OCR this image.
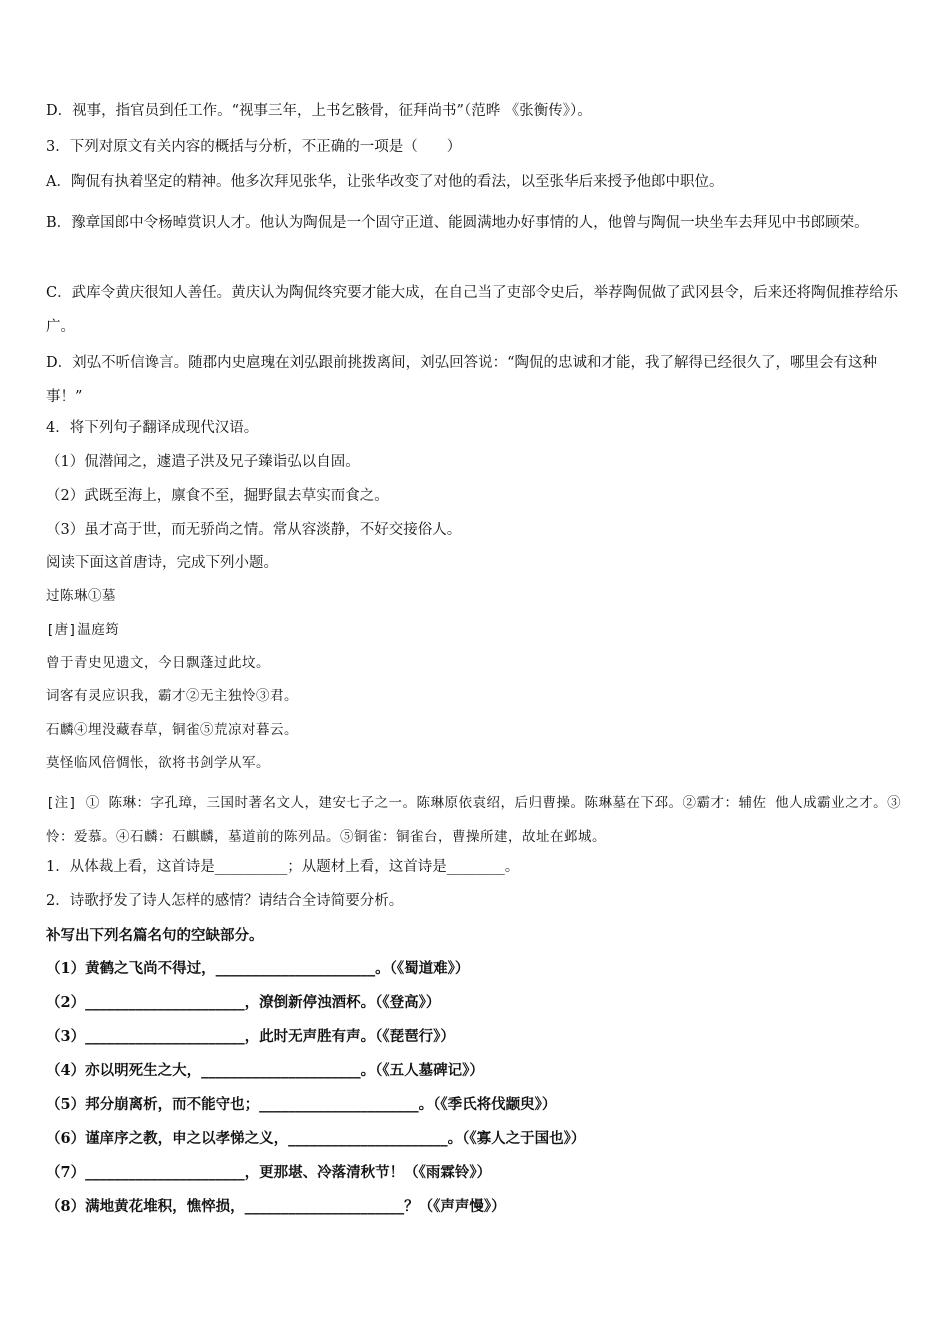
D．视事，指官员到任工作。“视事三年，上书乞骸骨，征拜尚书”（范晔 《张衡传》）。
3．下列对原文有关内容的概括与分析，不正确的一项是（　　）
A．陶侃有执着坚定的精神。他多次拜见张华，让张华改变了对他的看法，以至张华后来授予他郎中职位。
B．豫章国郎中令杨晫赏识人才。他认为陶侃是一个固守正道、能圆满地办好事情的人，他曾与陶侃一块坐车去拜见中书郎顾荣。
C．武库令黄庆很知人善任。黄庆认为陶侃终究要才能大成，在自己当了吏部令史后，举荐陶侃做了武冈县令，后来还将陶侃推荐给乐广。
D．刘弘不听信谗言。随郡内史扈瑰在刘弘跟前挑拨离间，刘弘回答说：“陶侃的忠诚和才能，我了解得已经很久了，哪里会有这种事！”
4．将下列句子翻译成现代汉语。
（1）侃潜闻之，遽遣子洪及兄子臻诣弘以自固。
（2）武既至海上，廪食不至，掘野鼠去草实而食之。
（3）虽才高于世，而无骄尚之情。常从容淡静，不好交接俗人。
阅读下面这首唐诗，完成下列小题。
过陈琳①墓
[唐]温庭筠
曾于青史见遗文，今日飘蓬过此坟。
词客有灵应识我，霸才②无主独怜③君。
石麟④埋没藏春草，铜雀⑤荒凉对暮云。
莫怪临风倍惆怅，欲将书剑学从军。
[注] ① 陈琳：字孔璋，三国时著名文人，建安七子之一。陈琳原依袁绍，后归曹操。陈琳墓在下邳。②霸才：辅佐 他人成霸业之才。③怜：爱慕。④石麟：石麒麟，墓道前的陈列品。⑤铜雀：铜雀台，曹操所建，故址在邺城。
1．从体裁上看，这首诗是__________；从题材上看，这首诗是________。
2．诗歌抒发了诗人怎样的感情？请结合全诗简要分析。
补写出下列名篇名句的空缺部分。
（1）黄鹤之飞尚不得过，______________________。（《蜀道难》）
（2）______________________，潦倒新停浊酒杯。（《登高》）
（3）______________________，此时无声胜有声。（《琵琶行》）
（4）亦以明死生之大，______________________。（《五人墓碑记》）
（5）邦分崩离析，而不能守也；______________________。（《季氏将伐颛臾》）
（6）谨庠序之教，申之以孝悌之义，______________________。（《寡人之于国也》）
（7）______________________，更那堪、冷落清秋节！（《雨霖铃》）
（8）满地黄花堆积，憔悴损，______________________？（《声声慢》）
